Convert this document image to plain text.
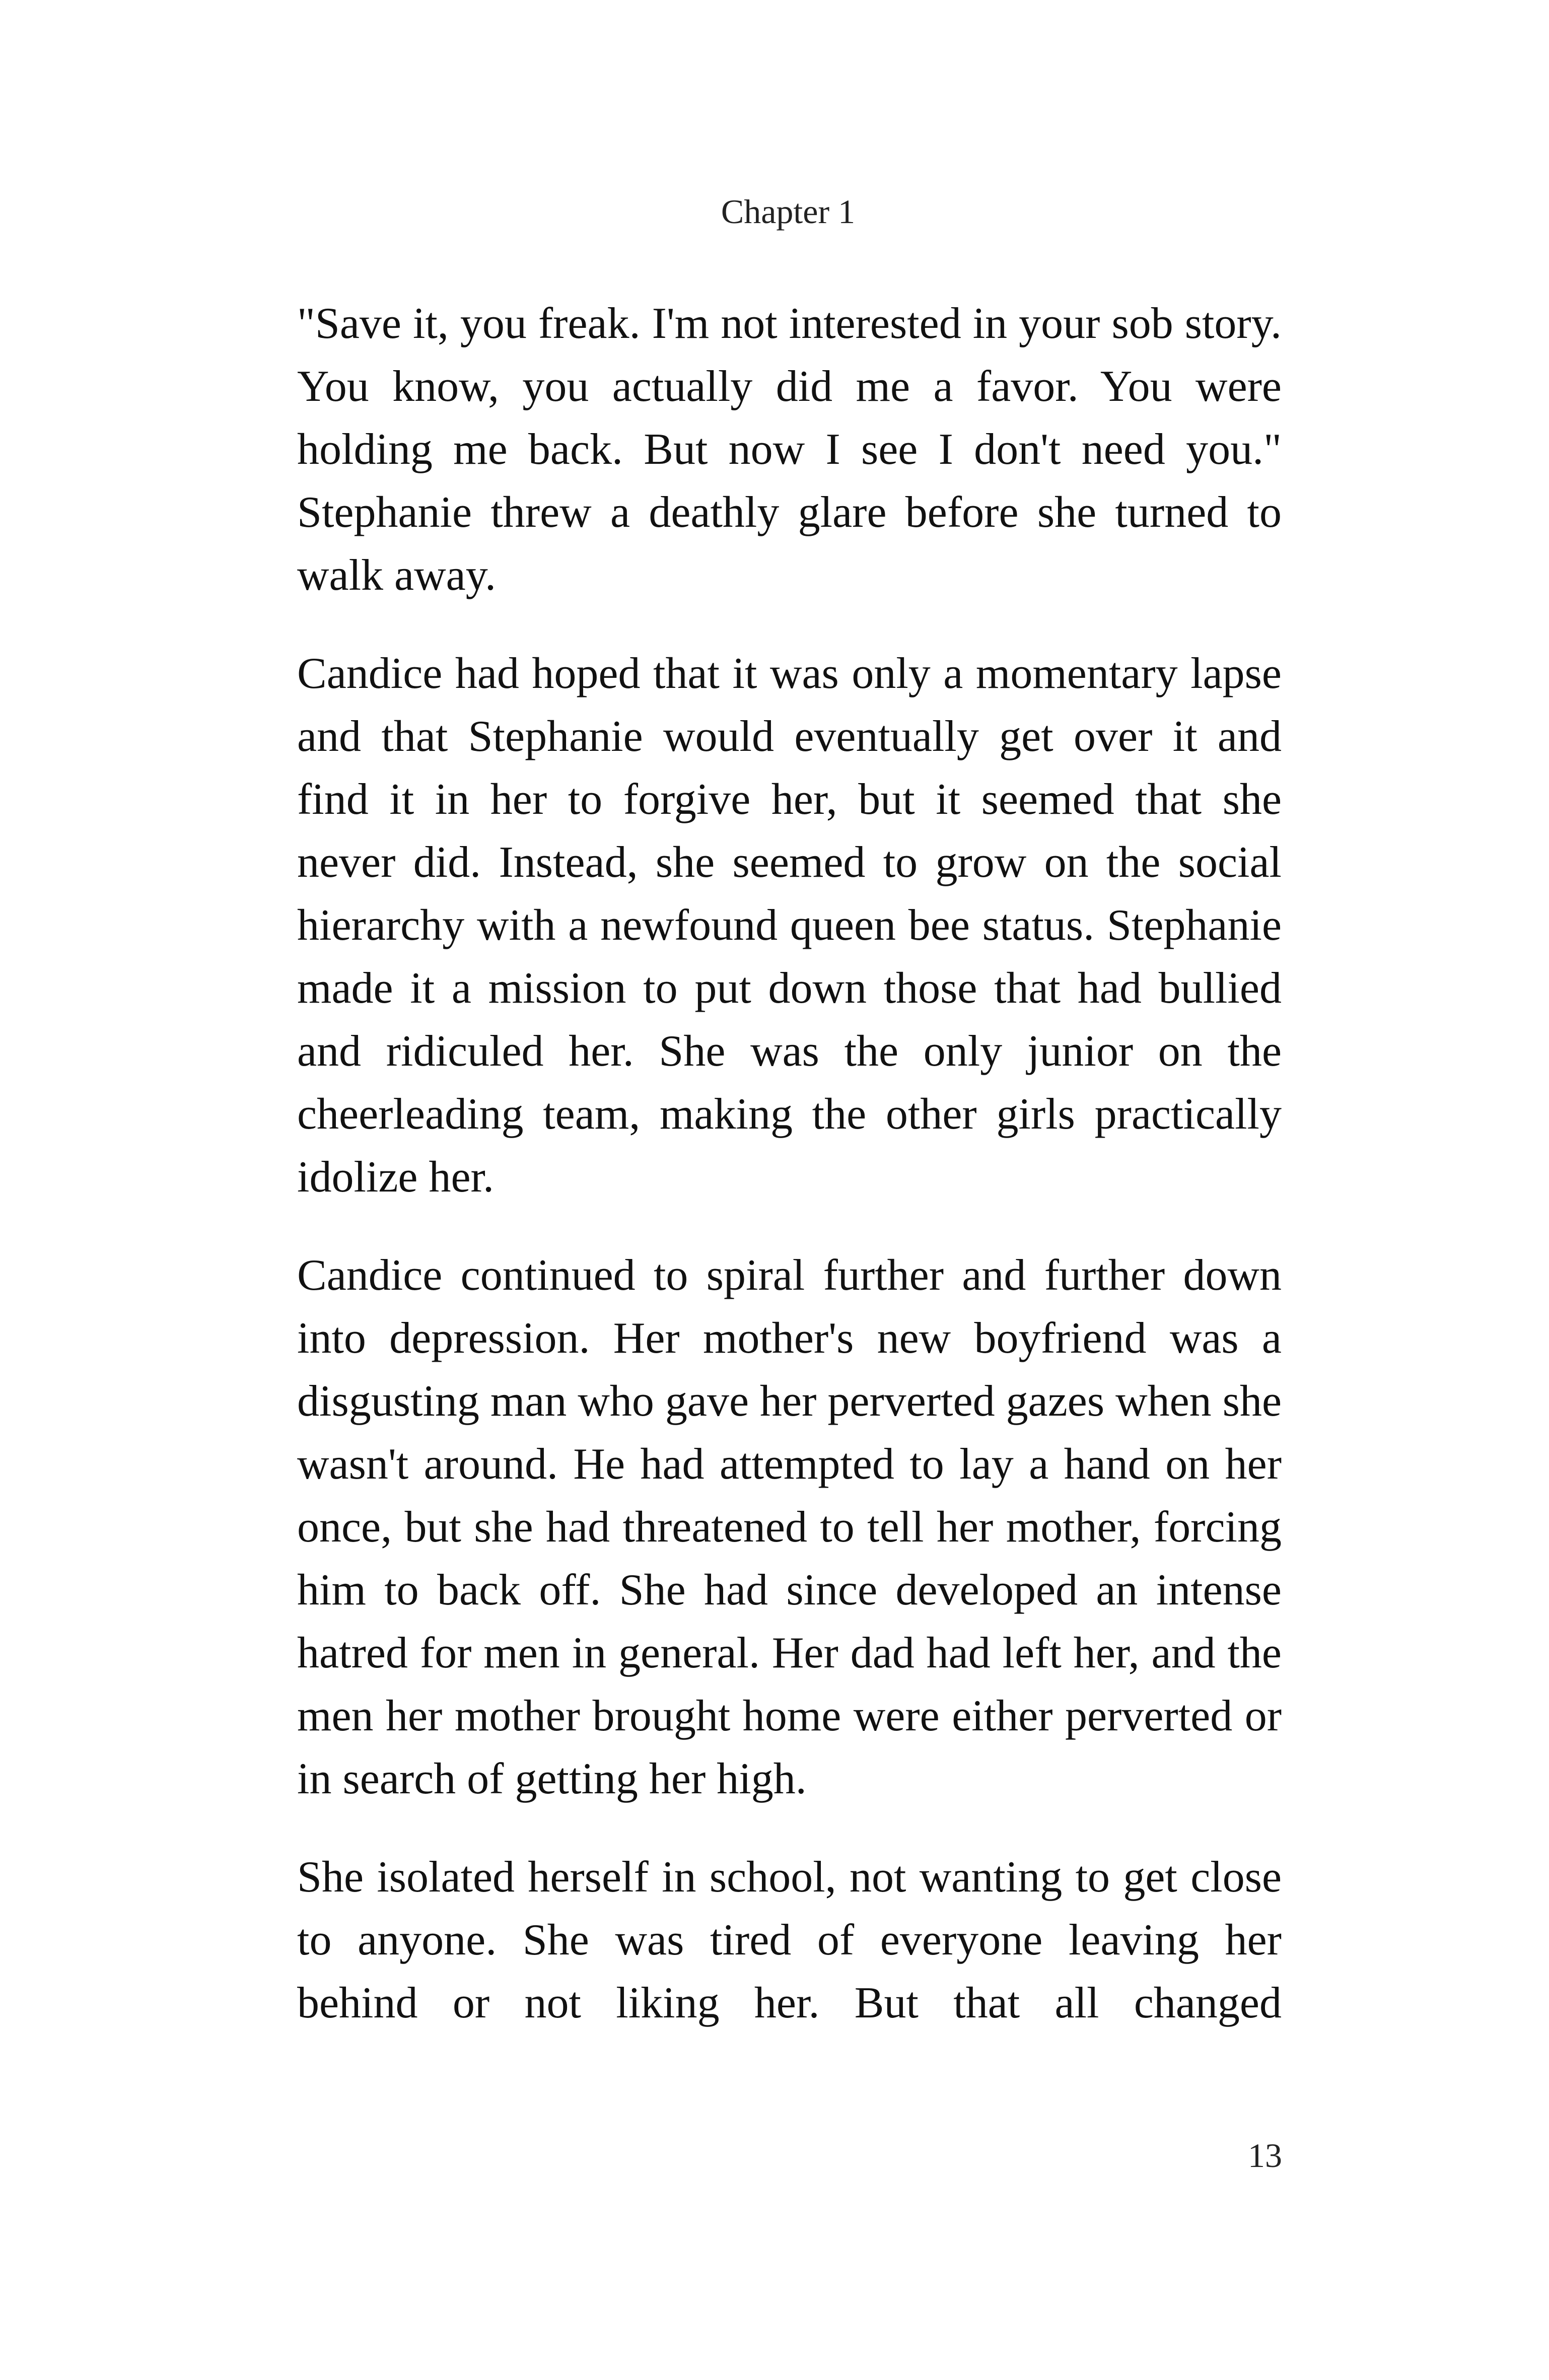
Chapter 1

"Save it, you freak. I'm not interested in your sob story. You know, you actually did me a favor. You were holding me back. But now I see I don't need you." Stephanie threw a deathly glare before she turned to walk away.

Candice had hoped that it was only a momentary lapse and that Stephanie would eventually get over it and find it in her to forgive her, but it seemed that she never did. Instead, she seemed to grow on the social hierarchy with a newfound queen bee status. Stephanie made it a mission to put down those that had bullied and ridiculed her. She was the only junior on the cheerleading team, making the other girls practically idolize her.

Candice continued to spiral further and further down into depression. Her mother's new boyfriend was a disgusting man who gave her perverted gazes when she wasn't around. He had attempted to lay a hand on her once, but she had threatened to tell her mother, forcing him to back off. She had since developed an intense hatred for men in general. Her dad had left her, and the men her mother brought home were either perverted or in search of getting her high.

She isolated herself in school, not wanting to get close to anyone. She was tired of everyone leaving her behind or not liking her. But that all changed

13
